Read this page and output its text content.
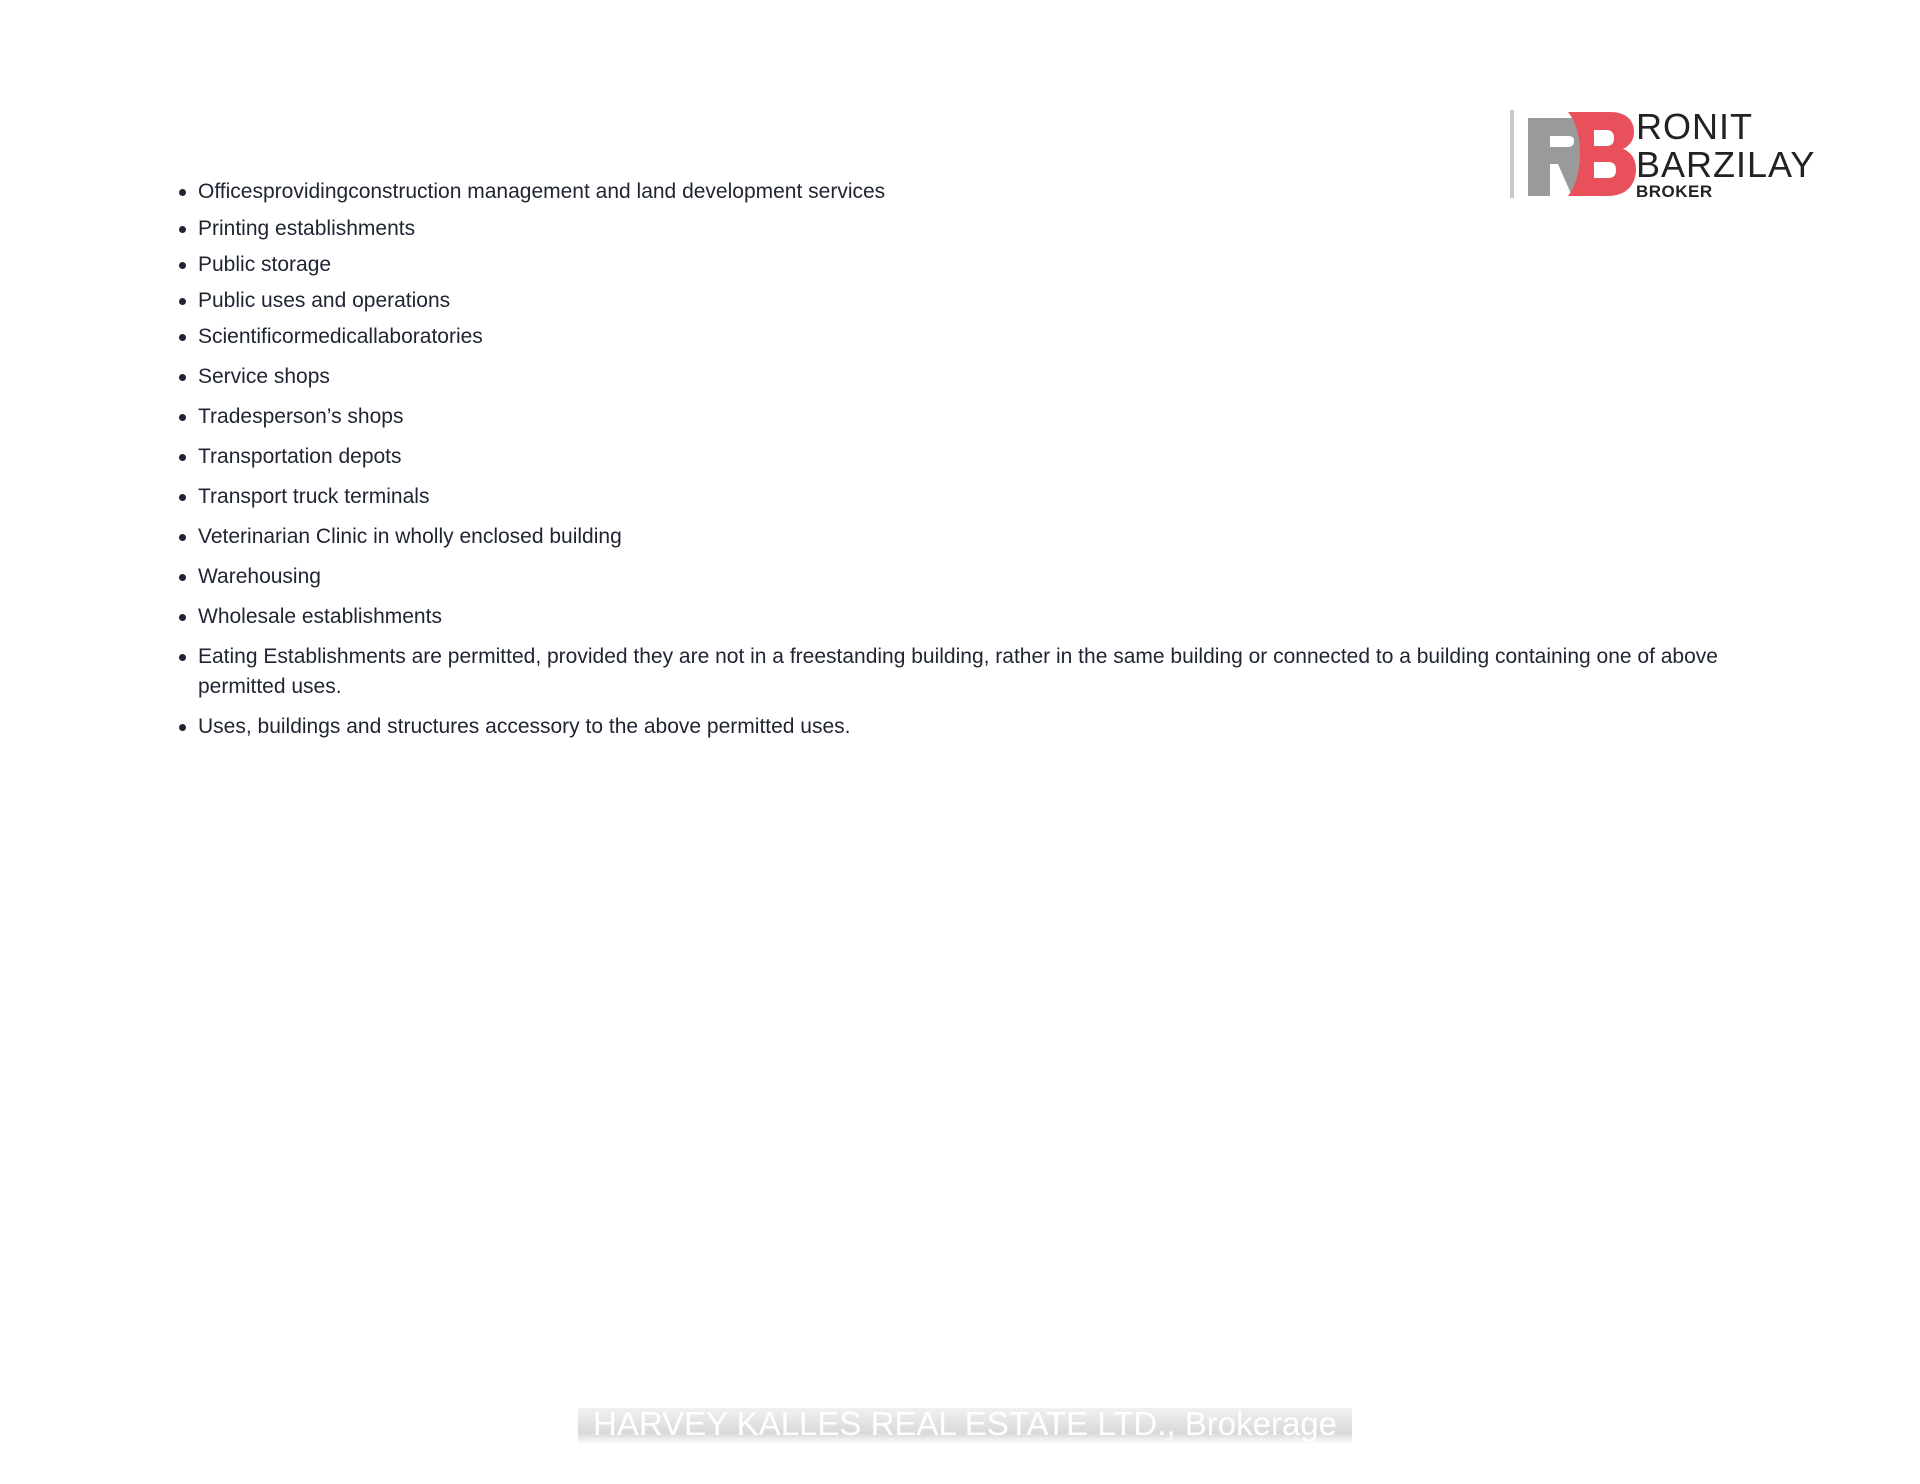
RONIT
BARZILAY
BROKER
Officesprovidingconstruction management and land development services
Printing establishments
Public storage
Public uses and operations
Scientificormedicallaboratories
Service shops
Tradesperson’s shops
Transportation depots
Transport truck terminals
Veterinarian Clinic in wholly enclosed building
Warehousing
Wholesale establishments
Eating Establishments are permitted, provided they are not in a freestanding building, rather in the same building or connected to a building containing one of above permitted uses.
Uses, buildings and structures accessory to the above permitted uses.
HARVEY KALLES REAL ESTATE LTD., Brokerage
